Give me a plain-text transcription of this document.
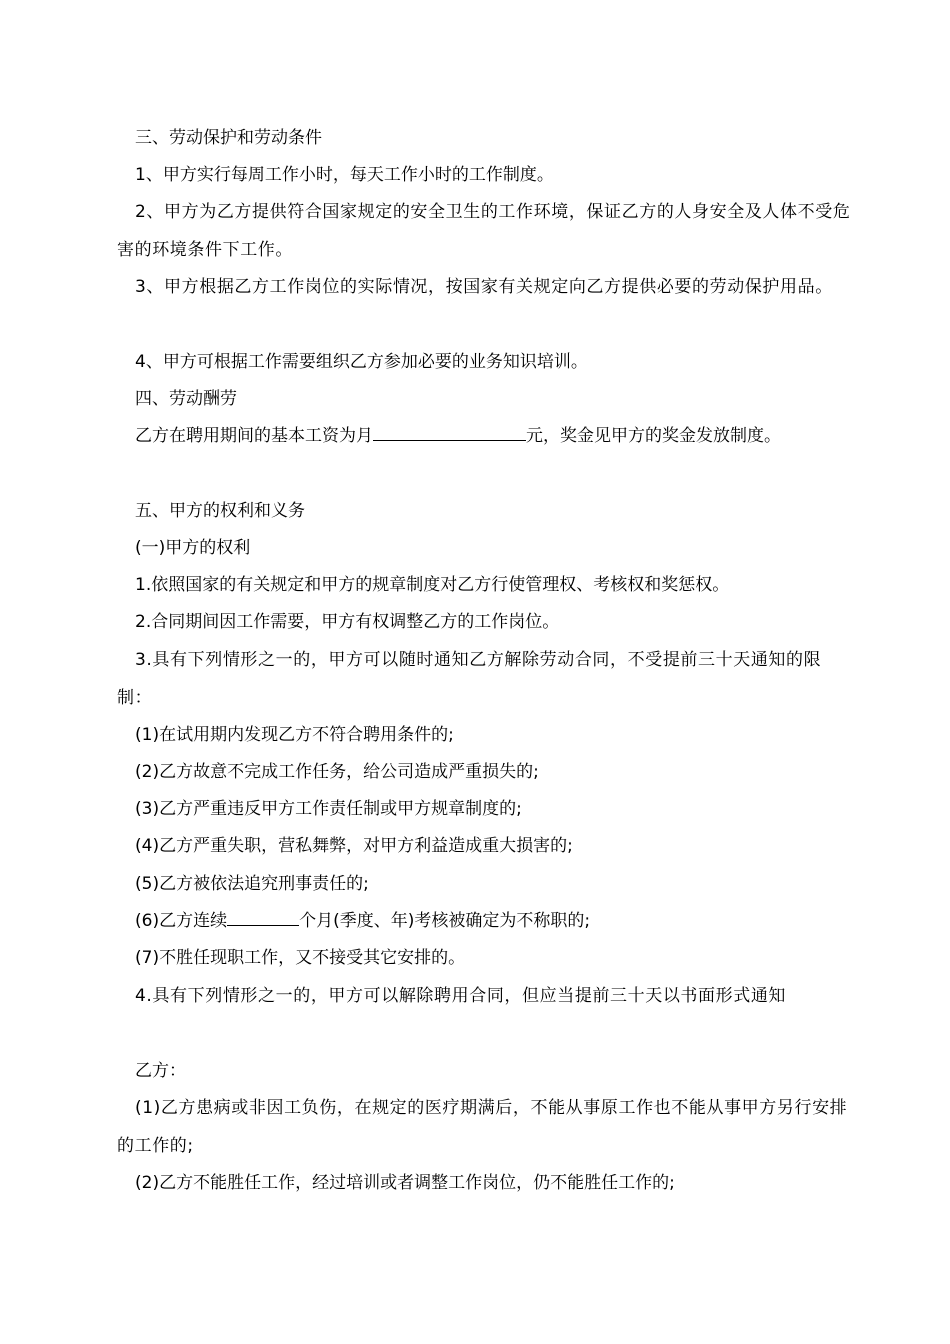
三、劳动保护和劳动条件
1、甲方实行每周工作小时，每天工作小时的工作制度。
2、甲方为乙方提供符合国家规定的安全卫生的工作环境，保证乙方的人身安全及人体不受危害的环境条件下工作。
3、甲方根据乙方工作岗位的实际情况，按国家有关规定向乙方提供必要的劳动保护用品。
4、甲方可根据工作需要组织乙方参加必要的业务知识培训。
四、劳动酬劳
乙方在聘用期间的基本工资为月	元，奖金见甲方的奖金发放制度。
五、甲方的权利和义务
(一)甲方的权利
1.依照国家的有关规定和甲方的规章制度对乙方行使管理权、考核权和奖惩权。
2.合同期间因工作需要，甲方有权调整乙方的工作岗位。
3.具有下列情形之一的，甲方可以随时通知乙方解除劳动合同，不受提前三十天通知的限制：
(1)在试用期内发现乙方不符合聘用条件的;
(2)乙方故意不完成工作任务，给公司造成严重损失的;
(3)乙方严重违反甲方工作责任制或甲方规章制度的;
(4)乙方严重失职，营私舞弊，对甲方利益造成重大损害的;
(5)乙方被依法追究刑事责任的;
(6)乙方连续	个月(季度、年)考核被确定为不称职的;
(7)不胜任现职工作，又不接受其它安排的。
4.具有下列情形之一的，甲方可以解除聘用合同，但应当提前三十天以书面形式通知
乙方：
(1)乙方患病或非因工负伤，在规定的医疗期满后，不能从事原工作也不能从事甲方另行安排的工作的;
(2)乙方不能胜任工作，经过培训或者调整工作岗位，仍不能胜任工作的;
